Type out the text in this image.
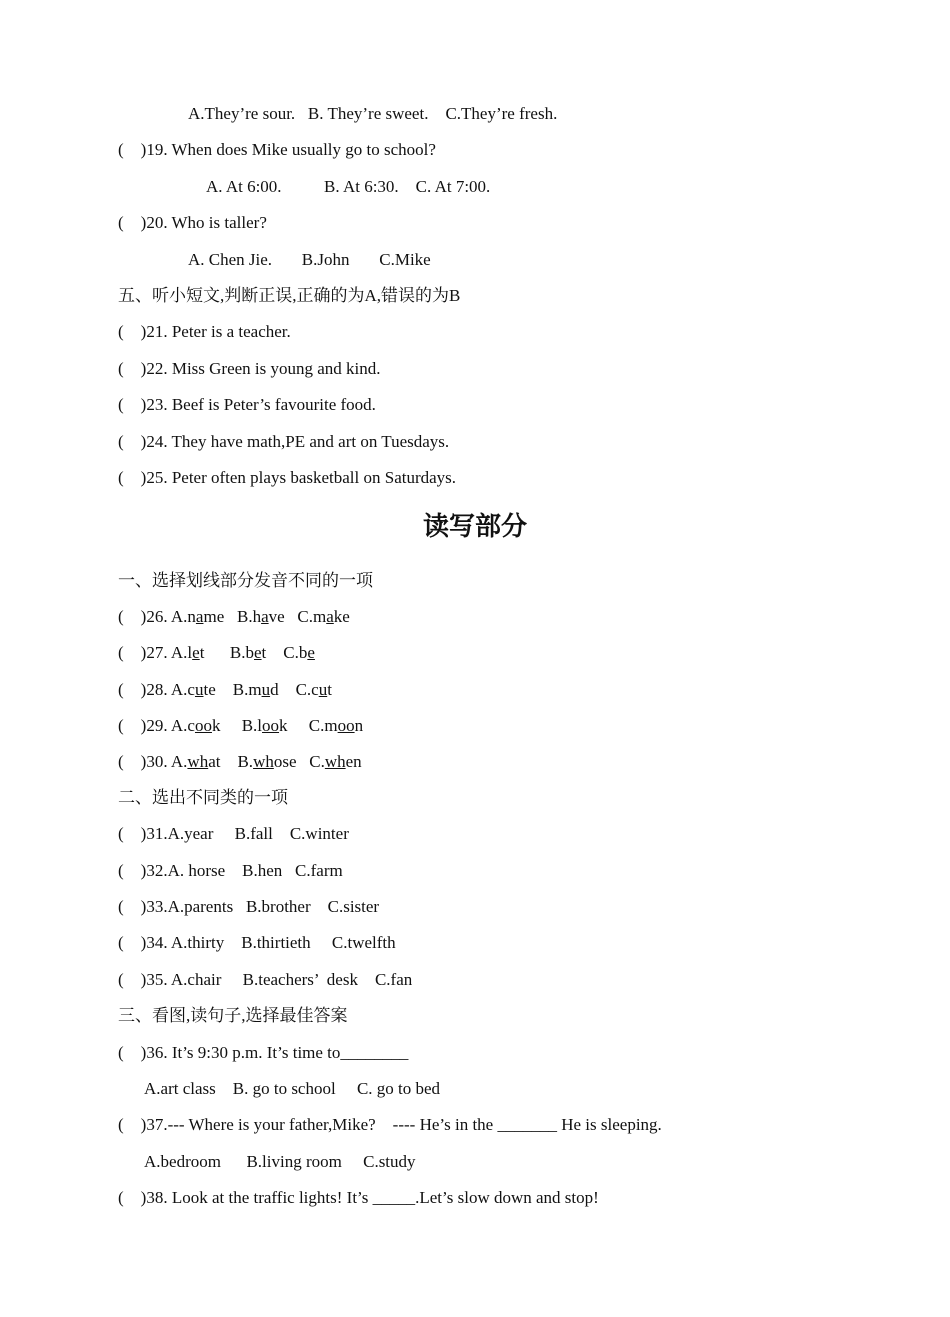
A.They’re sour.   B. They’re sweet.    C.They’re fresh.
(    )19. When does Mike usually go to school?
A. At 6:00.          B. At 6:30.    C. At 7:00.
(    )20. Who is taller?
A. Chen Jie.       B.John       C.Mike
五、听小短文,判断正误,正确的为A,错误的为B
(    )21. Peter is a teacher.
(    )22. Miss Green is young and kind.
(    )23. Beef is Peter’s favourite food.
(    )24. They have math,PE and art on Tuesdays.
(    )25. Peter often plays basketball on Saturdays.
读写部分
一、选择划线部分发音不同的一项
(    )26. A.name   B.have   C.make
(    )27. A.let      B.bet    C.be
(    )28. A.cute    B.mud    C.cut
(    )29. A.cook     B.look     C.moon
(    )30. A.what    B.whose   C.when
二、选出不同类的一项
(    )31.A.year     B.fall    C.winter
(    )32.A. horse    B.hen   C.farm
(    )33.A.parents   B.brother    C.sister
(    )34. A.thirty    B.thirtieth     C.twelfth
(    )35. A.chair     B.teachers’  desk    C.fan
三、看图,读句子,选择最佳答案
(    )36. It’s 9:30 p.m. It’s time to________
A.art class    B. go to school     C. go to bed
(    )37.--- Where is your father,Mike?    ---- He’s in the _______ He is sleeping.
A.bedroom      B.living room     C.study
(    )38. Look at the traffic lights! It’s _____.Let’s slow down and stop!
